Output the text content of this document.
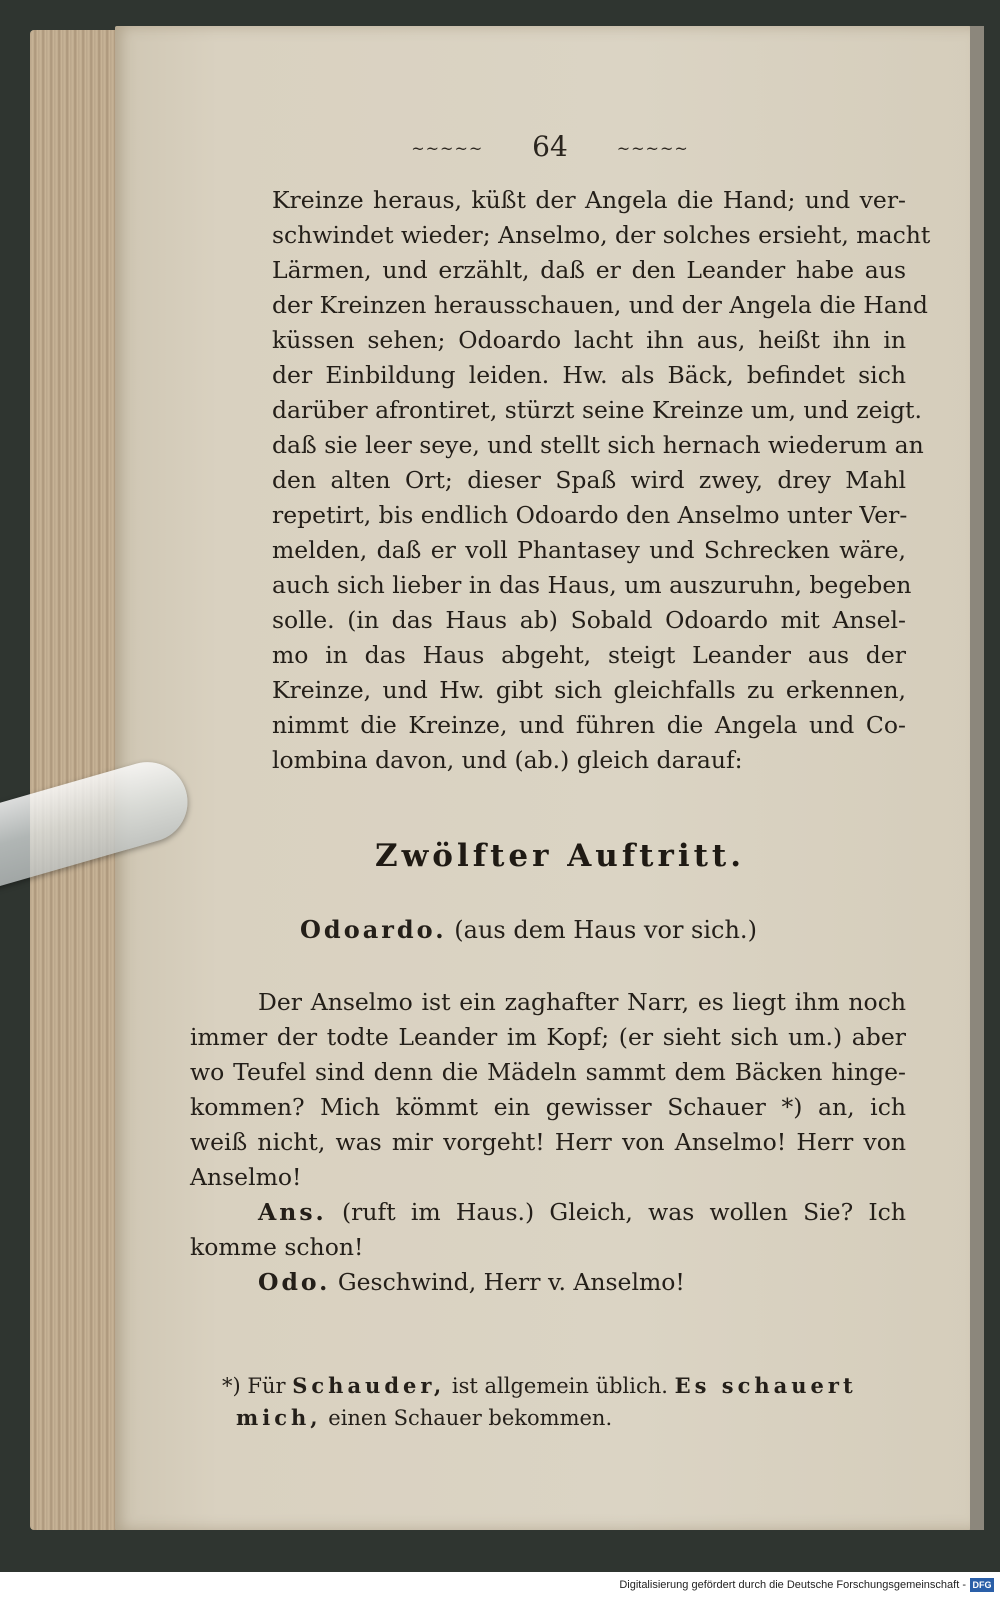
~~~~~ 64	~~~~~
Kreinze heraus, küßt der Angela die Hand; und ver-
schwindet wieder; Anselmo, der solches ersieht, macht
Lärmen, und erzählt, daß er den Leander habe aus
der Kreinzen herausschauen, und der Angela die Hand
küssen sehen; Odoardo lacht ihn aus, heißt ihn in
der Einbildung leiden. Hw. als Bäck, befindet sich
darüber afrontiret, stürzt seine Kreinze um, und zeigt.
daß sie leer seye, und stellt sich hernach wiederum an
den alten Ort; dieser Spaß wird zwey, drey Mahl
repetirt, bis endlich Odoardo den Anselmo unter Ver-
melden, daß er voll Phantasey und Schrecken wäre,
auch sich lieber in das Haus, um auszuruhn, begeben
solle. (in das Haus ab) Sobald Odoardo mit Ansel-
mo in das Haus abgeht, steigt Leander aus der
Kreinze, und Hw. gibt sich gleichfalls zu erkennen,
nimmt die Kreinze, und führen die Angela und Co-
lombina davon, und (ab.) gleich darauf:
Zwölfter Auftritt.
Odoardo. (aus dem Haus vor sich.)
Der Anselmo ist ein zaghafter Narr, es liegt ihm noch
immer der todte Leander im Kopf; (er sieht sich um.) aber
wo Teufel sind denn die Mädeln sammt dem Bäcken hinge-
kommen? Mich kömmt ein gewisser Schauer *) an, ich
weiß nicht, was mir vorgeht! Herr von Anselmo! Herr von
Anselmo!
Ans. (ruft im Haus.) Gleich, was wollen Sie? Ich
komme schon!
Odo. Geschwind, Herr v. Anselmo!
*) Für Schauder, ist allgemein üblich. Es schauert
mich, einen Schauer bekommen.
Digitalisierung gefördert durch die Deutsche Forschungsgemeinschaft - DFG
